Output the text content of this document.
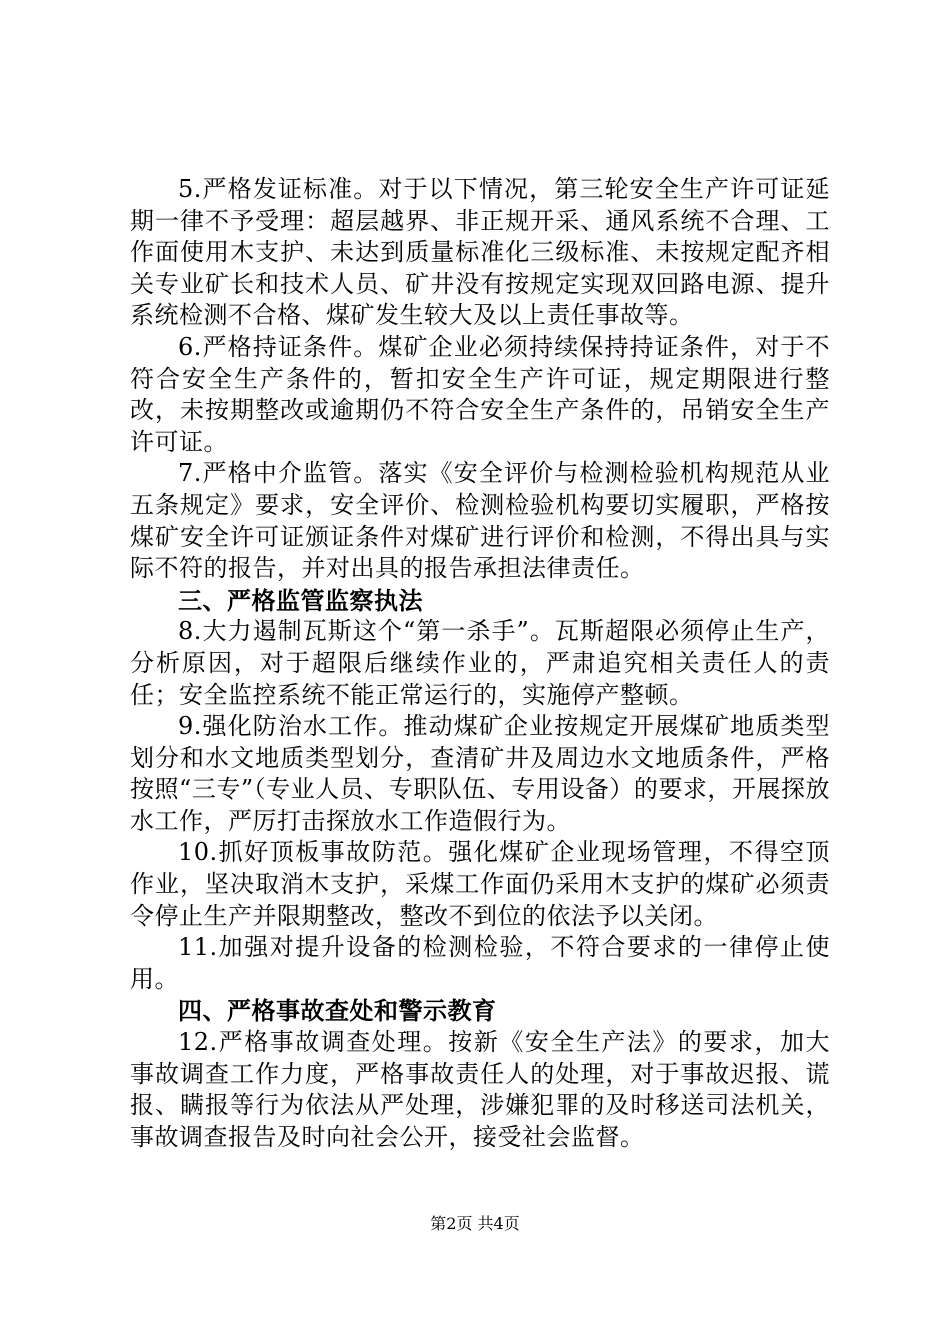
5.严格发证标准。对于以下情况，第三轮安全生产许可证延期一律不予受理：超层越界、非正规开采、通风系统不合理、工作面使用木支护、未达到质量标准化三级标准、未按规定配齐相关专业矿长和技术人员、矿井没有按规定实现双回路电源、提升系统检测不合格、煤矿发生较大及以上责任事故等。

6.严格持证条件。煤矿企业必须持续保持持证条件，对于不符合安全生产条件的，暂扣安全生产许可证，规定期限进行整改，未按期整改或逾期仍不符合安全生产条件的，吊销安全生产许可证。

7.严格中介监管。落实《安全评价与检测检验机构规范从业五条规定》要求，安全评价、检测检验机构要切实履职，严格按煤矿安全许可证颁证条件对煤矿进行评价和检测，不得出具与实际不符的报告，并对出具的报告承担法律责任。

三、严格监管监察执法

8.大力遏制瓦斯这个“第一杀手”。瓦斯超限必须停止生产，分析原因，对于超限后继续作业的，严肃追究相关责任人的责任；安全监控系统不能正常运行的，实施停产整顿。

9.强化防治水工作。推动煤矿企业按规定开展煤矿地质类型划分和水文地质类型划分，查清矿井及周边水文地质条件，严格按照“三专”（专业人员、专职队伍、专用设备）的要求，开展探放水工作，严厉打击探放水工作造假行为。

10.抓好顶板事故防范。强化煤矿企业现场管理，不得空顶作业，坚决取消木支护，采煤工作面仍采用木支护的煤矿必须责令停止生产并限期整改，整改不到位的依法予以关闭。

11.加强对提升设备的检测检验，不符合要求的一律停止使用。

四、严格事故查处和警示教育

12.严格事故调查处理。按新《安全生产法》的要求，加大事故调查工作力度，严格事故责任人的处理，对于事故迟报、谎报、瞒报等行为依法从严处理，涉嫌犯罪的及时移送司法机关，事故调查报告及时向社会公开，接受社会监督。

第2页 共4页
